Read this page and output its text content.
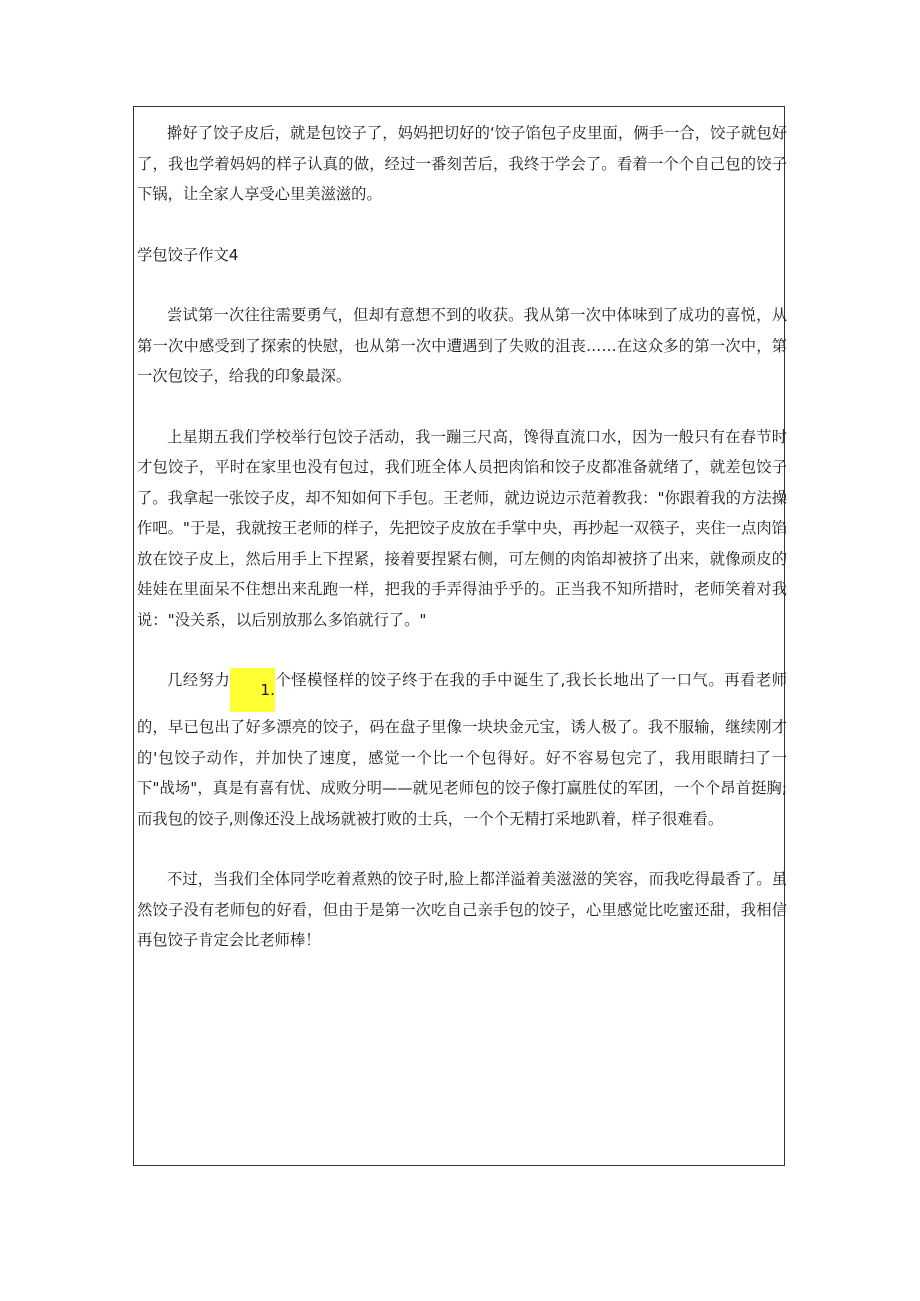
擀好了饺子皮后，就是包饺子了，妈妈把切好的‘饺子馅包子皮里面，俩手一合，饺子就包好了，我也学着妈妈的样子认真的做，经过一番刻苦后，我终于学会了。看着一个个自己包的饺子下锅，让全家人享受心里美滋滋的。

学包饺子作文4

尝试第一次往往需要勇气，但却有意想不到的收获。我从第一次中体味到了成功的喜悦，从第一次中感受到了探索的快慰，也从第一次中遭遇到了失败的沮丧……在这众多的第一次中，第一次包饺子，给我的印象最深。

上星期五我们学校举行包饺子活动，我一蹦三尺高，馋得直流口水，因为一般只有在春节时才包饺子，平时在家里也没有包过，我们班全体人员把肉馅和饺子皮都准备就绪了，就差包饺子了。我拿起一张饺子皮，却不知如何下手包。王老师，就边说边示范着教我："你跟着我的方法操作吧。"于是，我就按王老师的样子，先把饺子皮放在手掌中央，再抄起一双筷子，夹住一点肉馅放在饺子皮上，然后用手上下捏紧，接着要捏紧右侧，可左侧的肉馅却被挤了出来，就像顽皮的娃娃在里面呆不住想出来乱跑一样，把我的手弄得油乎乎的。正当我不知所措时，老师笑着对我说："没关系，以后别放那么多馅就行了。"

几经努力1.个怪模怪样的饺子终于在我的手中诞生了,我长长地出了一口气。再看老师的，早已包出了好多漂亮的饺子，码在盘子里像一块块金元宝，诱人极了。我不服输，继续刚才的'包饺子动作，并加快了速度，感觉一个比一个包得好。好不容易包完了，我用眼睛扫了一下"战场"，真是有喜有忧、成败分明——就见老师包的饺子像打赢胜仗的军团，一个个昂首挺胸;而我包的饺子,则像还没上战场就被打败的士兵，一个个无精打采地趴着，样子很难看。

不过，当我们全体同学吃着煮熟的饺子时,脸上都洋溢着美滋滋的笑容，而我吃得最香了。虽然饺子没有老师包的好看，但由于是第一次吃自己亲手包的饺子，心里感觉比吃蜜还甜，我相信再包饺子肯定会比老师棒！
